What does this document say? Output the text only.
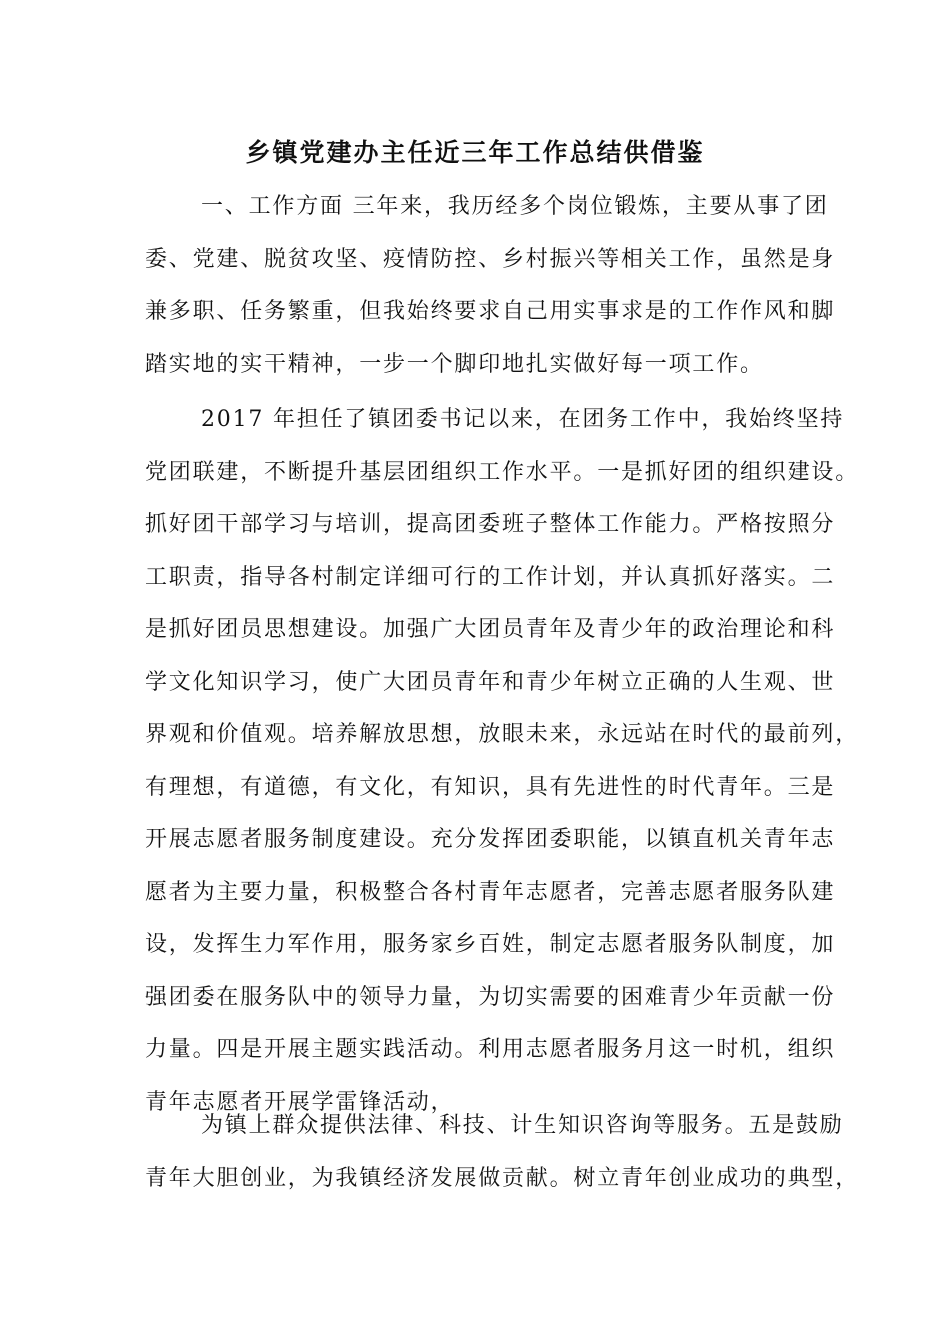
乡镇党建办主任近三年工作总结供借鉴
一、工作方面 三年来，我历经多个岗位锻炼，主要从事了团
委、党建、脱贫攻坚、疫情防控、乡村振兴等相关工作，虽然是身
兼多职、任务繁重，但我始终要求自己用实事求是的工作作风和脚
踏实地的实干精神，一步一个脚印地扎实做好每一项工作。
2017 年担任了镇团委书记以来，在团务工作中，我始终坚持
党团联建，不断提升基层团组织工作水平。一是抓好团的组织建设。
抓好团干部学习与培训，提高团委班子整体工作能力。严格按照分
工职责，指导各村制定详细可行的工作计划，并认真抓好落实。二
是抓好团员思想建设。加强广大团员青年及青少年的政治理论和科
学文化知识学习，使广大团员青年和青少年树立正确的人生观、世
界观和价值观。培养解放思想，放眼未来，永远站在时代的最前列，
有理想，有道德，有文化，有知识，具有先进性的时代青年。三是
开展志愿者服务制度建设。充分发挥团委职能，以镇直机关青年志
愿者为主要力量，积极整合各村青年志愿者，完善志愿者服务队建
设，发挥生力军作用，服务家乡百姓，制定志愿者服务队制度，加
强团委在服务队中的领导力量，为切实需要的困难青少年贡献一份
力量。四是开展主题实践活动。利用志愿者服务月这一时机，组织
青年志愿者开展学雷锋活动，
为镇上群众提供法律、科技、计生知识咨询等服务。五是鼓励
青年大胆创业，为我镇经济发展做贡献。树立青年创业成功的典型，
